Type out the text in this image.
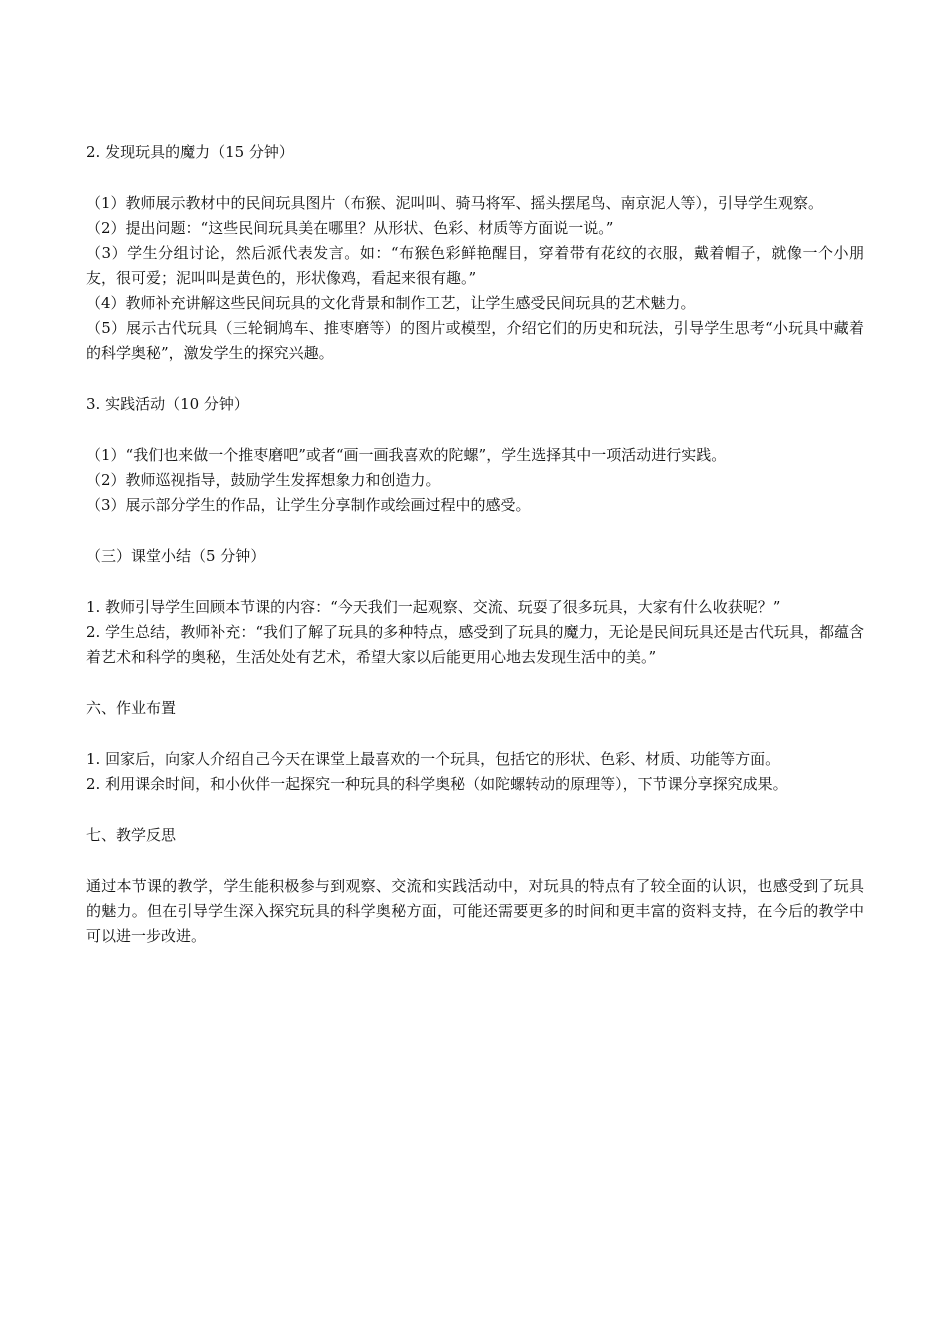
2. 发现玩具的魔力（15 分钟）
（1）教师展示教材中的民间玩具图片（布猴、泥叫叫、骑马将军、摇头摆尾鸟、南京泥人等），引导学生观察。
（2）提出问题：“这些民间玩具美在哪里？从形状、色彩、材质等方面说一说。”
（3）学生分组讨论，然后派代表发言。如：“布猴色彩鲜艳醒目，穿着带有花纹的衣服，戴着帽子，就像一个小朋友，很可爱；泥叫叫是黄色的，形状像鸡，看起来很有趣。”
（4）教师补充讲解这些民间玩具的文化背景和制作工艺，让学生感受民间玩具的艺术魅力。
（5）展示古代玩具（三轮铜鸠车、推枣磨等）的图片或模型，介绍它们的历史和玩法，引导学生思考“小玩具中藏着的科学奥秘”，激发学生的探究兴趣。
3. 实践活动（10 分钟）
（1）“我们也来做一个推枣磨吧”或者“画一画我喜欢的陀螺”，学生选择其中一项活动进行实践。
（2）教师巡视指导，鼓励学生发挥想象力和创造力。
（3）展示部分学生的作品，让学生分享制作或绘画过程中的感受。
（三）课堂小结（5 分钟）
1. 教师引导学生回顾本节课的内容：“今天我们一起观察、交流、玩耍了很多玩具，大家有什么收获呢？”
2. 学生总结，教师补充：“我们了解了玩具的多种特点，感受到了玩具的魔力，无论是民间玩具还是古代玩具，都蕴含着艺术和科学的奥秘，生活处处有艺术，希望大家以后能更用心地去发现生活中的美。”
六、作业布置
1. 回家后，向家人介绍自己今天在课堂上最喜欢的一个玩具，包括它的形状、色彩、材质、功能等方面。
2. 利用课余时间，和小伙伴一起探究一种玩具的科学奥秘（如陀螺转动的原理等），下节课分享探究成果。
七、教学反思
通过本节课的教学，学生能积极参与到观察、交流和实践活动中，对玩具的特点有了较全面的认识，也感受到了玩具的魅力。但在引导学生深入探究玩具的科学奥秘方面，可能还需要更多的时间和更丰富的资料支持，在今后的教学中可以进一步改进。
